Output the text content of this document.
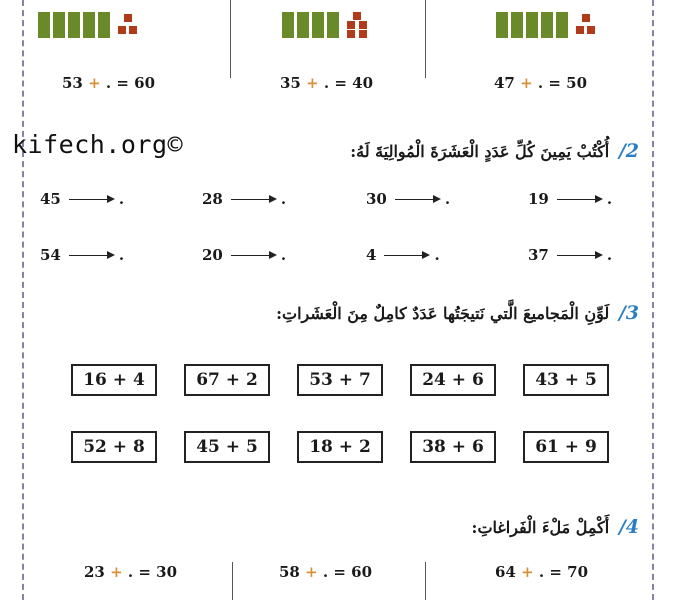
53 + . = 60	35 + . = 40	47 + . = 50
kifech.org©	2/ أُكْتُبْ يَمِينَ كُلِّ عَدَدٍ الْعَشَرَةَ الْمُوالِيَةَ لَهُ:
45	.	28	.	30	.	19	.
54	.	20	.	4	.	37	.
3/ لَوِّنِ الْمَجاميعَ الَّتي نَتيجَتُها عَدَدٌ كامِلٌ مِنَ الْعَشَراتِ:
16 + 4	67 + 2	53 + 7	24 + 6	43 + 5
52 + 8	45 + 5	18 + 2	38 + 6	61 + 9
4/ أَكْمِلْ مَلْءَ الْفَراغاتِ:
23 + . = 30	58 + . = 60	64 + . = 70
